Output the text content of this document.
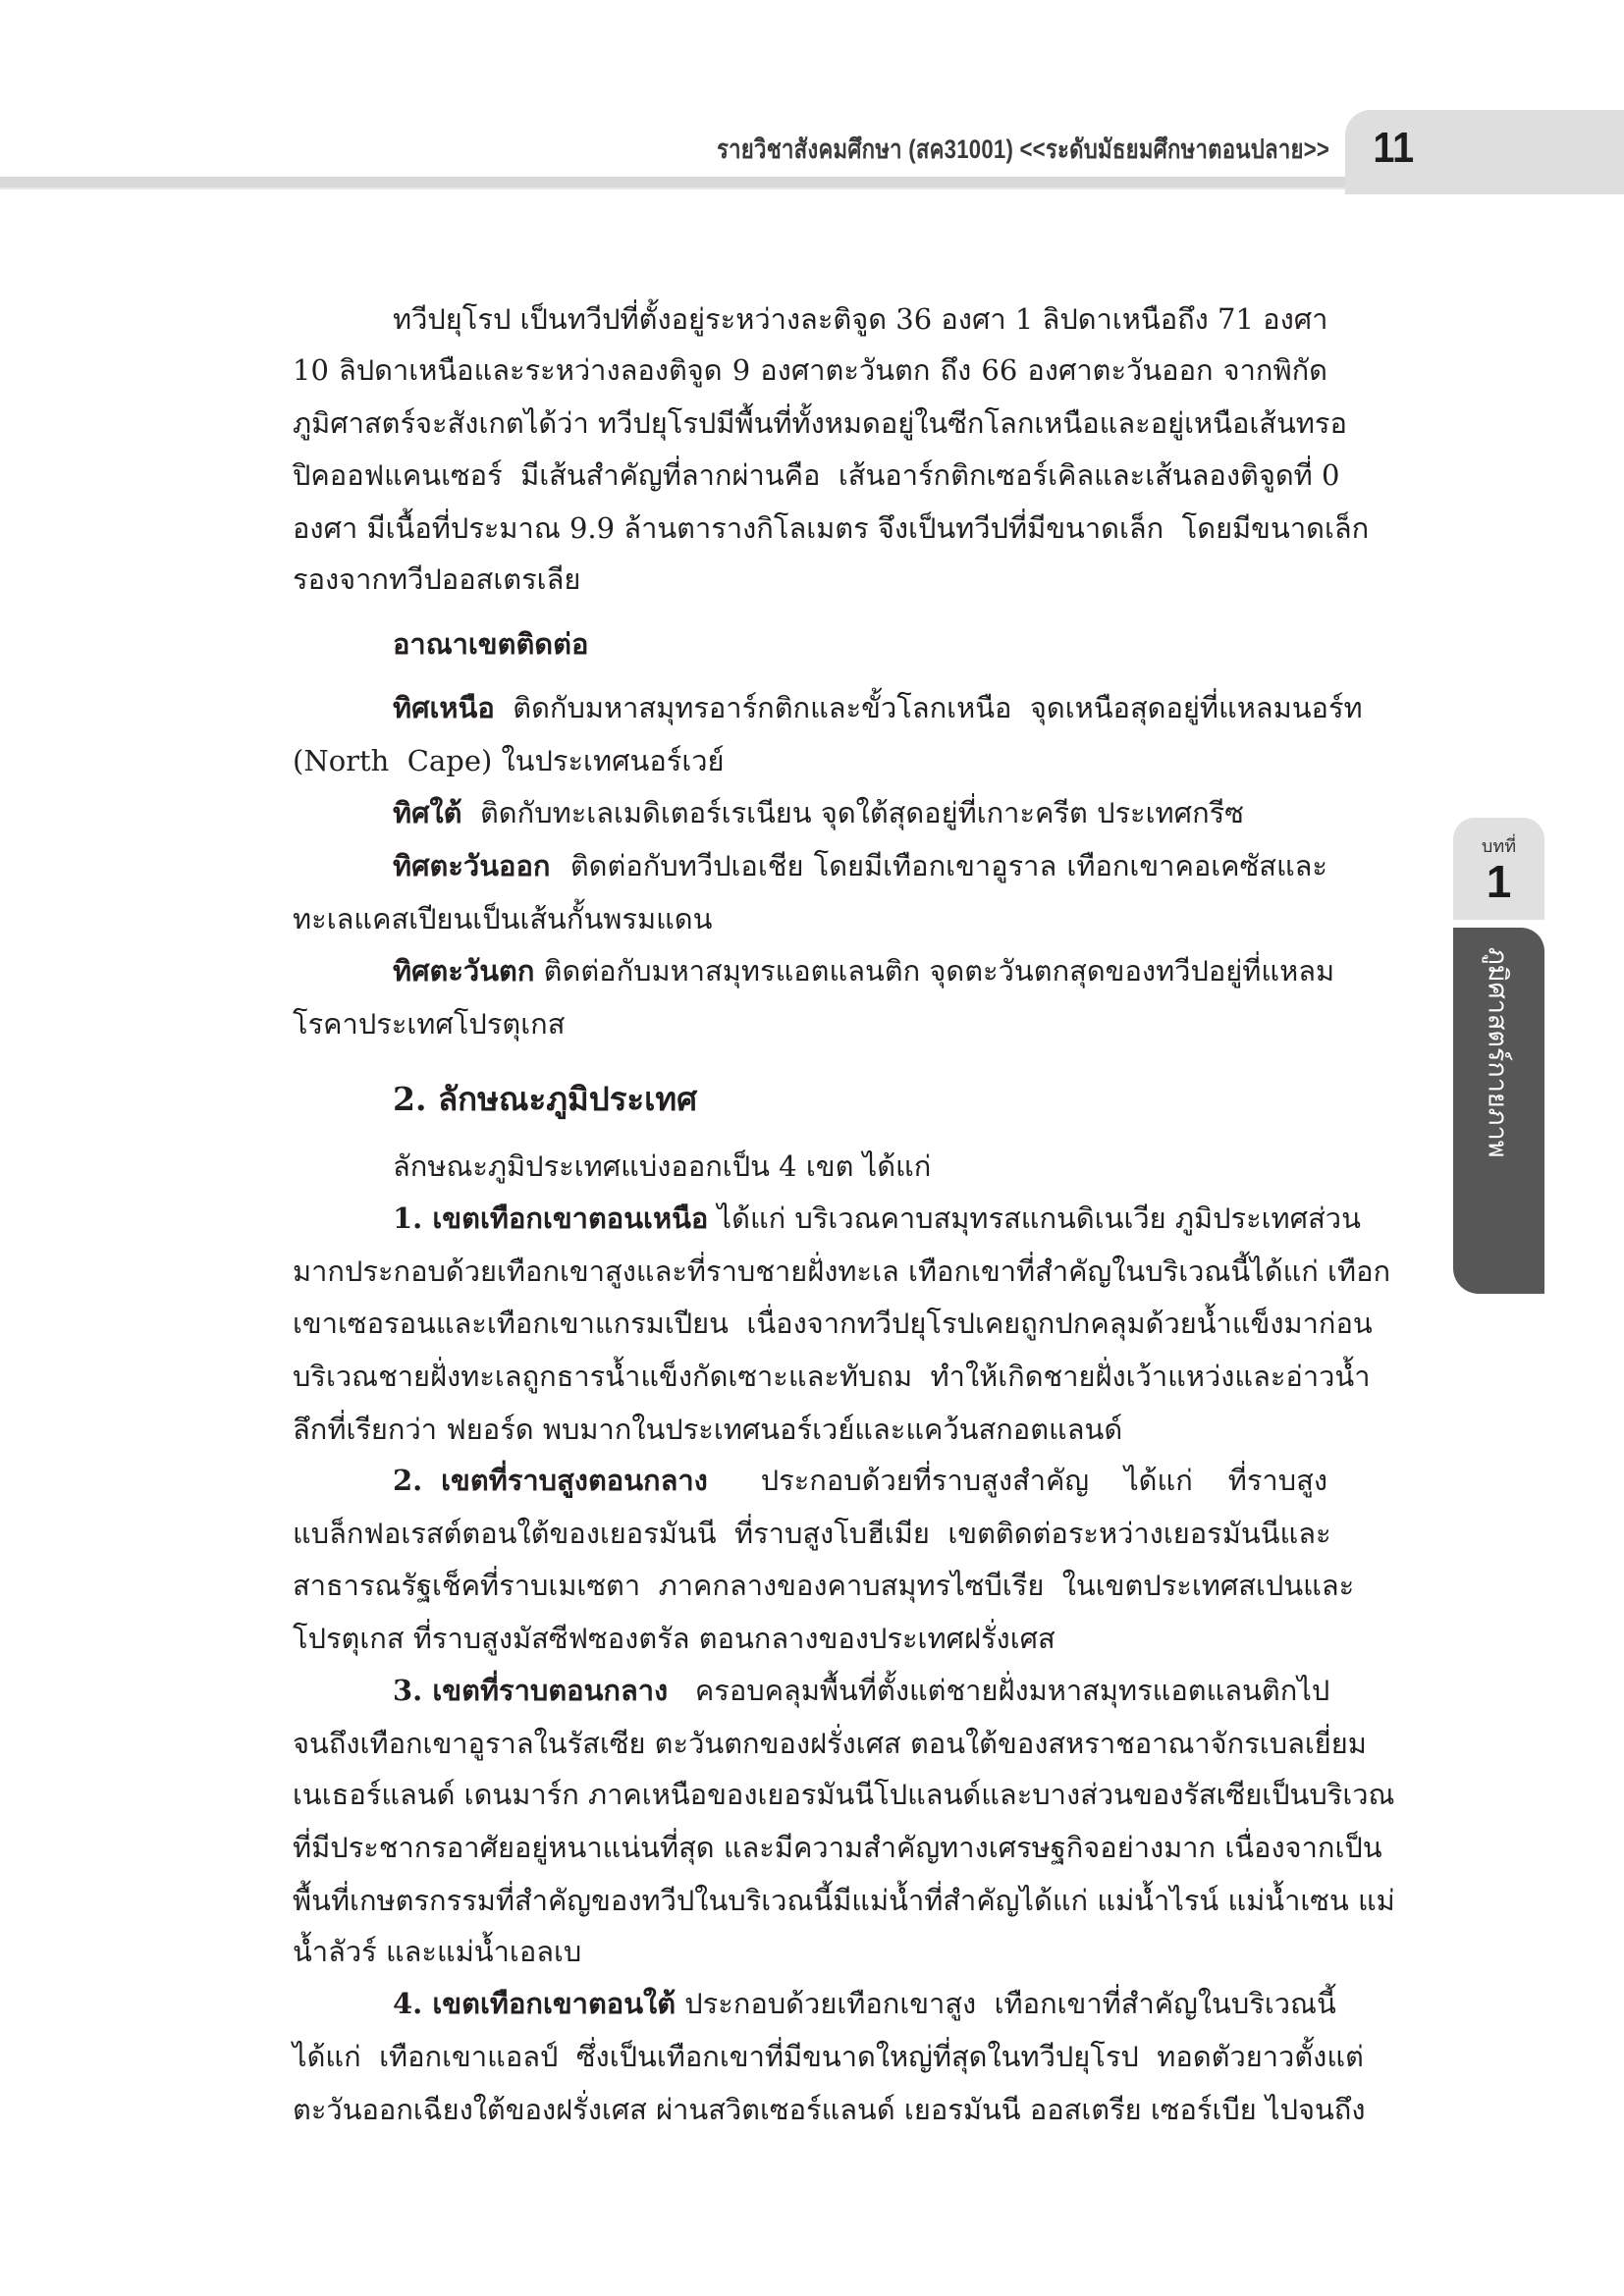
รายวิชาสังคมศึกษา (สค31001) <<ระดับมัธยมศึกษาตอนปลาย>> 11
บทที่
1
ภูมิศาสตร์กายภาพ
ทวีปยุโรป เป็นทวีปที่ตั้งอยู่ระหว่างละติจูด 36 องศา 1 ลิปดาเหนือถึง 71 องศา
10 ลิปดาเหนือและระหว่างลองติจูด 9 องศาตะวันตก ถึง 66 องศาตะวันออก จากพิกัด
ภูมิศาสตร์จะสังเกตได้ว่า ทวีปยุโรปมีพื้นที่ทั้งหมดอยู่ในซีกโลกเหนือและอยู่เหนือเส้นทรอ
ปิคออฟแคนเซอร์  มีเส้นสำคัญที่ลากผ่านคือ  เส้นอาร์กติกเซอร์เคิลและเส้นลองติจูดที่ 0
องศา มีเนื้อที่ประมาณ 9.9 ล้านตารางกิโลเมตร จึงเป็นทวีปที่มีขนาดเล็ก  โดยมีขนาดเล็ก
รองจากทวีปออสเตรเลีย
อาณาเขตติดต่อ
ทิศเหนือ  ติดกับมหาสมุทรอาร์กติกและขั้วโลกเหนือ  จุดเหนือสุดอยู่ที่แหลมนอร์ท
(North  Cape) ในประเทศนอร์เวย์
ทิศใต้  ติดกับทะเลเมดิเตอร์เรเนียน จุดใต้สุดอยู่ที่เกาะครีต ประเทศกรีซ
ทิศตะวันออก  ติดต่อกับทวีปเอเชีย โดยมีเทือกเขาอูราล เทือกเขาคอเคซัสและ
ทะเลแคสเปียนเป็นเส้นกั้นพรมแดน
ทิศตะวันตก ติดต่อกับมหาสมุทรแอตแลนติก จุดตะวันตกสุดของทวีปอยู่ที่แหลม
โรคาประเทศโปรตุเกส
2. ลักษณะภูมิประเทศ
ลักษณะภูมิประเทศแบ่งออกเป็น 4 เขต ได้แก่
1. เขตเทือกเขาตอนเหนือ ได้แก่ บริเวณคาบสมุทรสแกนดิเนเวีย ภูมิประเทศส่วน
มากประกอบด้วยเทือกเขาสูงและที่ราบชายฝั่งทะเล เทือกเขาที่สำคัญในบริเวณนี้ได้แก่ เทือก
เขาเซอรอนและเทือกเขาแกรมเปียน  เนื่องจากทวีปยุโรปเคยถูกปกคลุมด้วยน้ำแข็งมาก่อน
บริเวณชายฝั่งทะเลถูกธารน้ำแข็งกัดเซาะและทับถม  ทำให้เกิดชายฝั่งเว้าแหว่งและอ่าวน้ำ
ลึกที่เรียกว่า ฟยอร์ด พบมากในประเทศนอร์เวย์และแคว้นสกอตแลนด์
2. เขตที่ราบสูงตอนกลาง   ประกอบด้วยที่ราบสูงสำคัญ  ได้แก่  ที่ราบสูง
แบล็กฟอเรสต์ตอนใต้ของเยอรมันนี  ที่ราบสูงโบฮีเมีย  เขตติดต่อระหว่างเยอรมันนีและ
สาธารณรัฐเช็คที่ราบเมเซตา  ภาคกลางของคาบสมุทรไซบีเรีย  ในเขตประเทศสเปนและ
โปรตุเกส ที่ราบสูงมัสซีฟซองตรัล ตอนกลางของประเทศฝรั่งเศส
3. เขตที่ราบตอนกลาง   ครอบคลุมพื้นที่ตั้งแต่ชายฝั่งมหาสมุทรแอตแลนติกไป
จนถึงเทือกเขาอูราลในรัสเซีย ตะวันตกของฝรั่งเศส ตอนใต้ของสหราชอาณาจักรเบลเยี่ยม
เนเธอร์แลนด์ เดนมาร์ก ภาคเหนือของเยอรมันนีโปแลนด์และบางส่วนของรัสเซียเป็นบริเวณ
ที่มีประชากรอาศัยอยู่หนาแน่นที่สุด และมีความสำคัญทางเศรษฐกิจอย่างมาก เนื่องจากเป็น
พื้นที่เกษตรกรรมที่สำคัญของทวีปในบริเวณนี้มีแม่น้ำที่สำคัญได้แก่ แม่น้ำไรน์ แม่น้ำเซน แม่
น้ำลัวร์ และแม่น้ำเอลเบ
4. เขตเทือกเขาตอนใต้ ประกอบด้วยเทือกเขาสูง  เทือกเขาที่สำคัญในบริเวณนี้
ได้แก่  เทือกเขาแอลป์  ซึ่งเป็นเทือกเขาที่มีขนาดใหญ่ที่สุดในทวีปยุโรป  ทอดตัวยาวตั้งแต่
ตะวันออกเฉียงใต้ของฝรั่งเศส ผ่านสวิตเซอร์แลนด์ เยอรมันนี ออสเตรีย เซอร์เบีย ไปจนถึง
